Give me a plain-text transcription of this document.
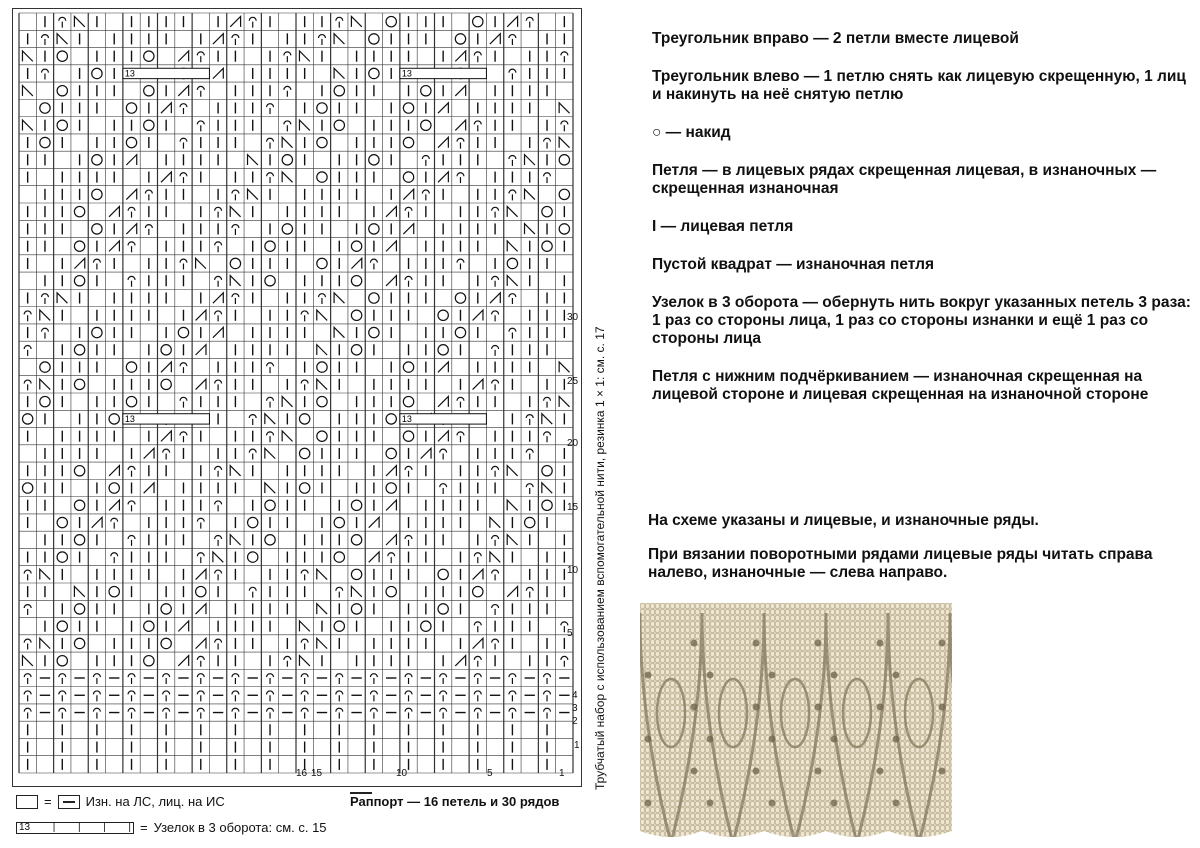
13	13
13	13
30
25
20
15
10
5
4
3
2
1
16 15	10	5	1 Трубчатый набор с использованием вспомогательной нити, резинка 1 × 1: см. с. 17
=	Изн. на ЛС, лиц. на ИС	Раппорт — 16 петель и 30 рядов
13 | | | | = Узелок в 3 оборота: см. с. 15
Треугольник вправо — 2 петли вместе лицевой
Треугольник влево — 1 петлю снять как лицевую скрещенную, 1 лиц и накинуть на неё снятую петлю
○ — накид
Петля — в лицевых рядах скрещенная лицевая, в изнаночных — скрещенная изнаночная
I — лицевая петля
Пустой квадрат — изнаночная петля
Узелок в 3 оборота — обернуть нить вокруг указанных петель 3 раза: 1 раз со стороны лица, 1 раз со стороны изнанки и ещё 1 раз со стороны лица
Петля с нижним подчёркиванием — изнаночная скрещенная на лицевой стороне и лицевая скрещенная на изнаночной стороне
На схеме указаны и лицевые, и изнаночные ряды.
При вязании поворотными рядами лицевые ряды читать справа налево, изнаночные — слева направо.
